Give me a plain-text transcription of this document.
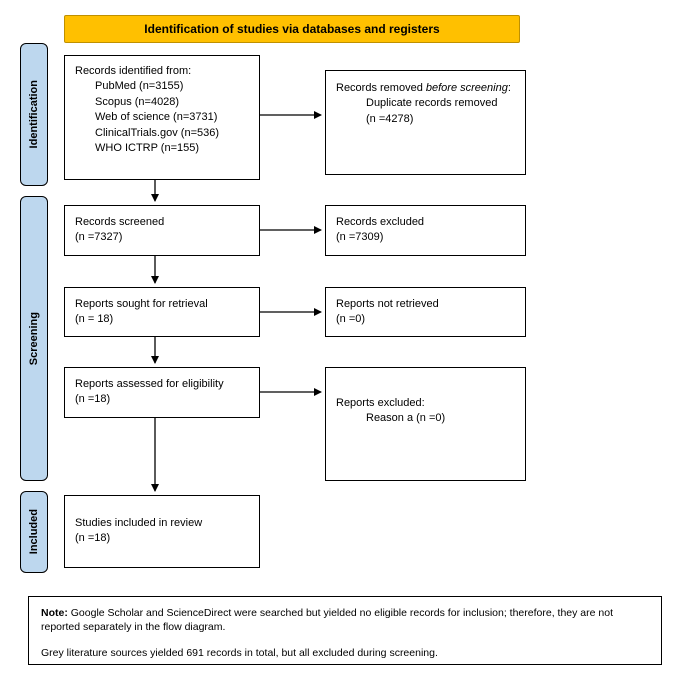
Identification of studies via databases and registers
Identification
Screening
Included
Records identified from:
PubMed (n=3155)
Scopus (n=4028)
Web of science (n=3731)
ClinicalTrials.gov (n=536)
WHO ICTRP (n=155)
Records removed before screening:
Duplicate records removed
(n =4278)
Records screened
(n =7327)
Records excluded
(n =7309)
Reports sought for retrieval
(n = 18)
Reports not retrieved
(n =0)
Reports assessed for eligibility
(n =18)	Reports excluded:
Reason a (n =0)
Studies included in review
(n =18)

Note: Google Scholar and ScienceDirect were searched but yielded no eligible records for inclusion; therefore, they are not reported separately in the flow diagram.

Grey literature sources yielded 691 records in total, but all excluded during screening.
